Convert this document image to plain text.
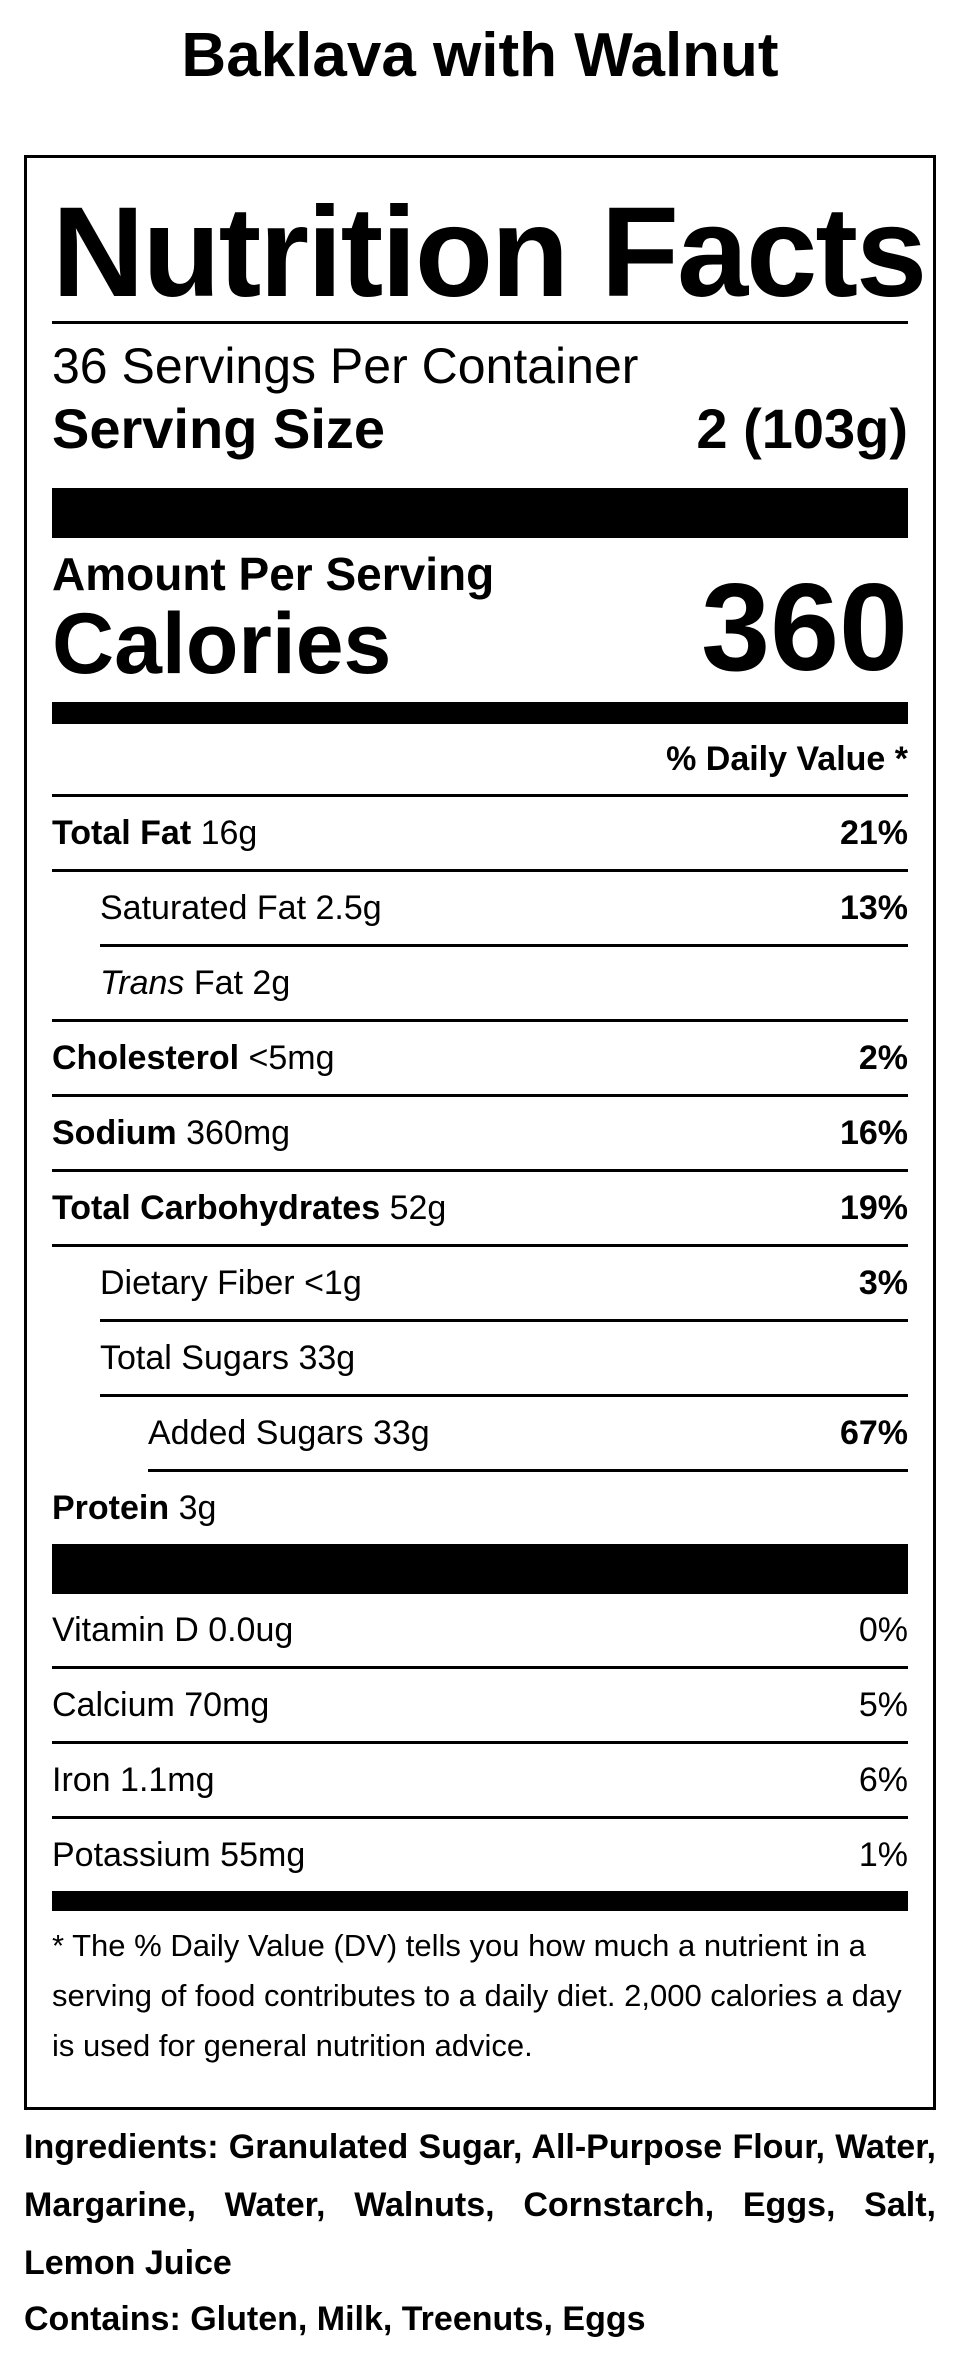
Baklava with Walnut
Nutrition Facts
36 Servings Per Container
Serving Size	2 (103g)
Amount Per Serving
Calories	360
% Daily Value *
Total Fat 16g	21%
Saturated Fat 2.5g	13%
Trans Fat 2g
Cholesterol <5mg	2%
Sodium 360mg	16%
Total Carbohydrates 52g	19%
Dietary Fiber <1g	3%
Total Sugars 33g
Added Sugars 33g	67%
Protein 3g
Vitamin D 0.0ug	0%
Calcium 70mg	5%
Iron 1.1mg	6%
Potassium 55mg	1%
* The % Daily Value (DV) tells you how much a nutrient in a serving of food contributes to a daily diet. 2,000 calories a day is used for general nutrition advice.
Ingredients: Granulated Sugar, All-Purpose Flour, Water, Margarine, Water, Walnuts, Cornstarch, Eggs, Salt, Lemon Juice
Contains: Gluten, Milk, Treenuts, Eggs
